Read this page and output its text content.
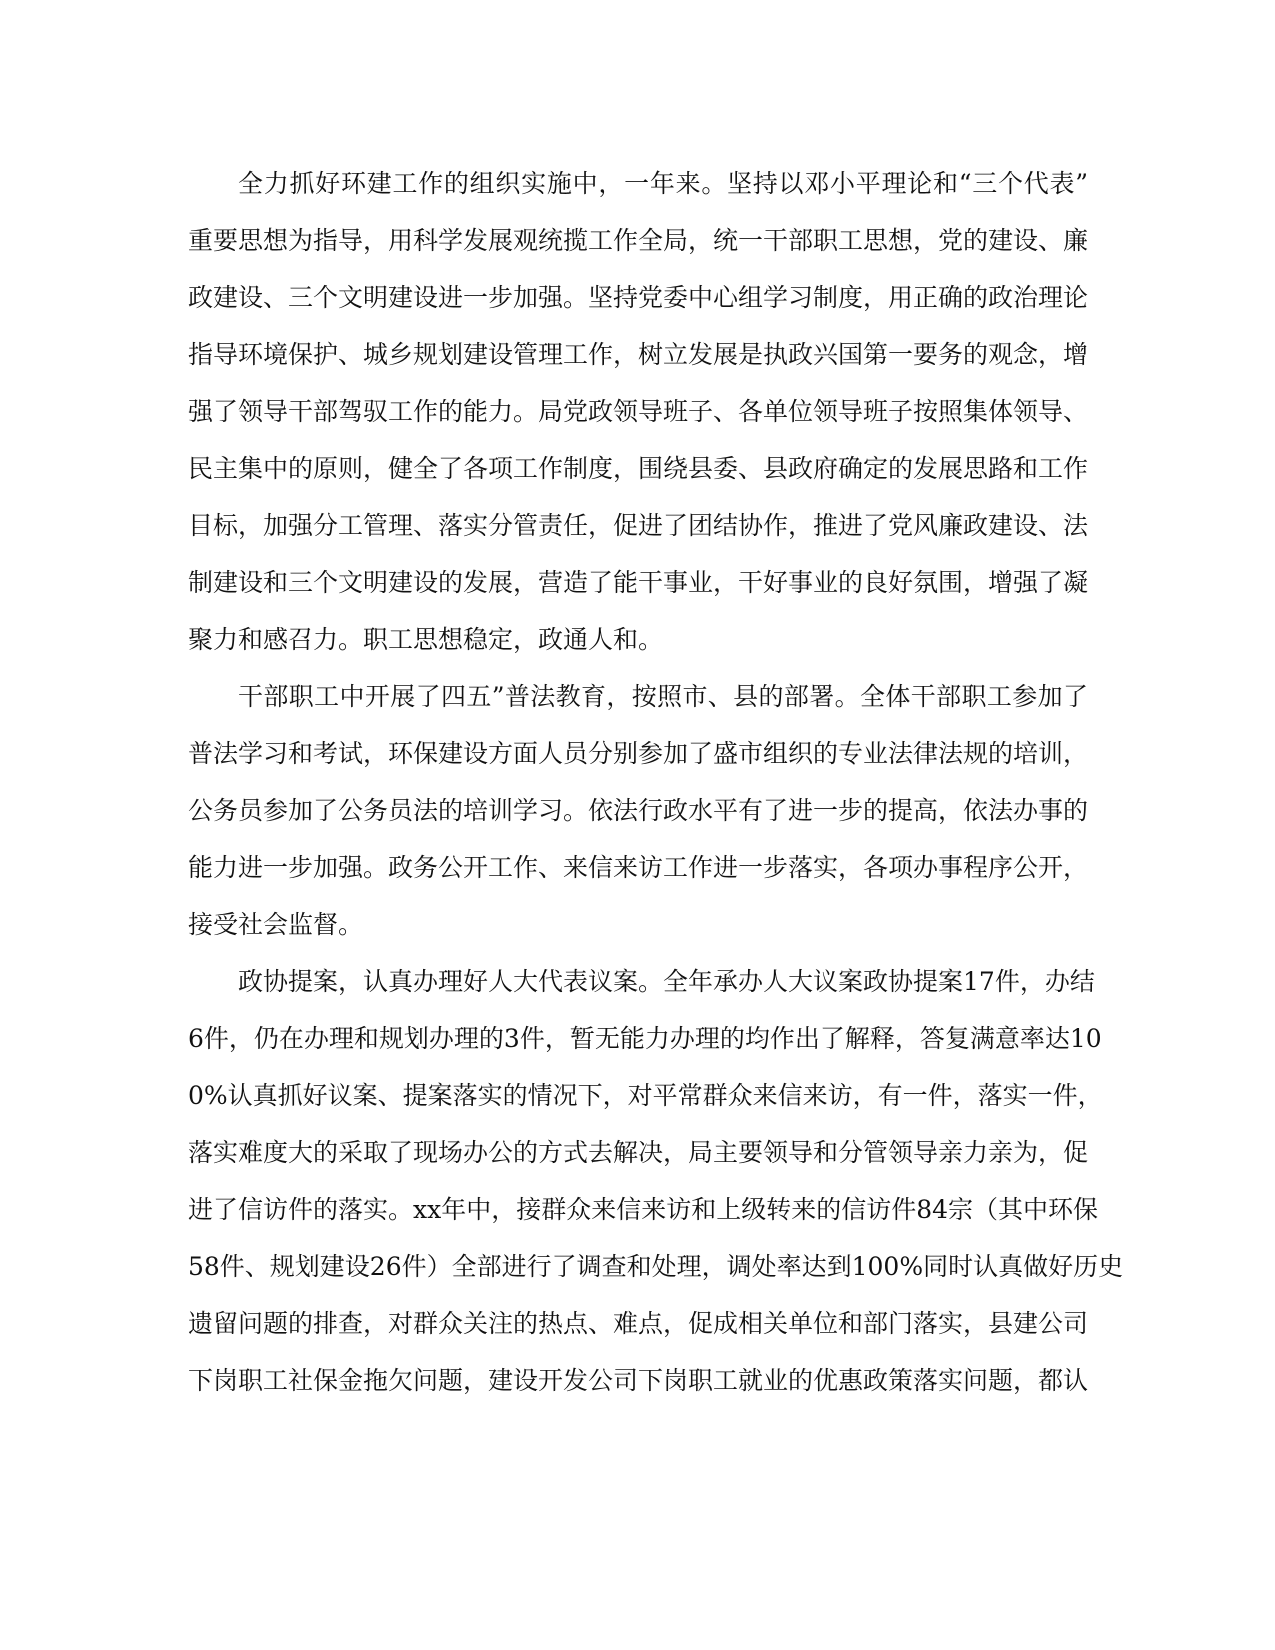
全力抓好环建工作的组织实施中，一年来。坚持以邓小平理论和“三个代表”
重要思想为指导，用科学发展观统揽工作全局，统一干部职工思想，党的建设、廉
政建设、三个文明建设进一步加强。坚持党委中心组学习制度，用正确的政治理论
指导环境保护、城乡规划建设管理工作，树立发展是执政兴国第一要务的观念，增
强了领导干部驾驭工作的能力。局党政领导班子、各单位领导班子按照集体领导、
民主集中的原则，健全了各项工作制度，围绕县委、县政府确定的发展思路和工作
目标，加强分工管理、落实分管责任，促进了团结协作，推进了党风廉政建设、法
制建设和三个文明建设的发展，营造了能干事业，干好事业的良好氛围，增强了凝
聚力和感召力。职工思想稳定，政通人和。
干部职工中开展了四五”普法教育，按照市、县的部署。全体干部职工参加了
普法学习和考试，环保建设方面人员分别参加了盛市组织的专业法律法规的培训，
公务员参加了公务员法的培训学习。依法行政水平有了进一步的提高，依法办事的
能力进一步加强。政务公开工作、来信来访工作进一步落实，各项办事程序公开，
接受社会监督。
政协提案，认真办理好人大代表议案。全年承办人大议案政协提案17件，办结
6件，仍在办理和规划办理的3件，暂无能力办理的均作出了解释，答复满意率达10
0%认真抓好议案、提案落实的情况下，对平常群众来信来访，有一件，落实一件，
落实难度大的采取了现场办公的方式去解决，局主要领导和分管领导亲力亲为，促
进了信访件的落实。xx年中，接群众来信来访和上级转来的信访件84宗（其中环保
58件、规划建设26件）全部进行了调查和处理，调处率达到100%同时认真做好历史
遗留问题的排查，对群众关注的热点、难点，促成相关单位和部门落实，县建公司
下岗职工社保金拖欠问题，建设开发公司下岗职工就业的优惠政策落实问题，都认
